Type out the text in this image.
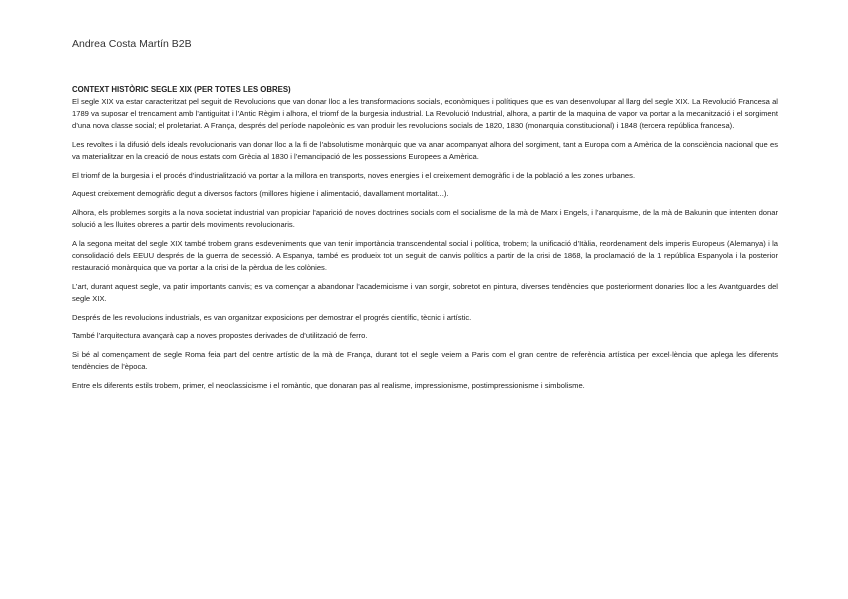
Andrea Costa Martín B2B

CONTEXT HISTÒRIC SEGLE XIX (PER TOTES LES OBRES)

El segle XIX va estar caracteritzat pel seguit de Revolucions que van donar lloc a les transformacions socials, econòmiques i polítiques que es van desenvolupar al llarg del segle XIX. La Revolució Francesa al 1789 va suposar el trencament amb l’antiguitat i l’Antic Règim i alhora, el triomf de la burgesia industrial. La Revolució Industrial, alhora, a partir de la maquina de vapor va portar a la mecanització i el sorgiment d’una nova classe social; el proletariat. A França, després del període napoleònic es van produir les revolucions socials de 1820, 1830 (monarquia constitucional) i 1848 (tercera república francesa).

Les revoltes i la difusió dels ideals revolucionaris van donar lloc a la fi de l’absolutisme monàrquic que va anar acompanyat alhora del sorgiment, tant a Europa com a Amèrica de la consciència nacional que es va materialitzar en la creació de nous estats com Grècia al 1830 i l’emancipació de les possessions Europees a Amèrica.

El triomf de la burgesia i el procés d’industrialització va portar a la millora en transports, noves energies i el creixement demogràfic i de la població a les zones urbanes.

Aquest creixement demogràfic degut a diversos factors (millores higiene i alimentació, davallament mortalitat...).

Alhora, els problemes sorgits a la nova societat industrial van propiciar l’aparició de noves doctrines socials com el socialisme de la mà de Marx i Engels, i l’anarquisme, de la mà de Bakunin que intenten donar solució a les lluites obreres a partir dels moviments revolucionaris.

A la segona meitat del segle XIX també trobem grans esdeveniments que van tenir importància transcendental social i política, trobem; la unificació d’Itàlia, reordenament dels imperis Europeus (Alemanya) i la consolidació dels EEUU després de la guerra de secessió. A Espanya, també es produeix tot un seguit de canvis polítics a partir de la crisi de 1868, la proclamació de la 1 república Espanyola i la posterior restauració monàrquica que va portar a la crisi de la pèrdua de les colònies.

L’art, durant aquest segle, va patir importants canvis; es va començar a abandonar l’academicisme i van sorgir, sobretot en pintura, diverses tendències que posteriorment donaries lloc a les Avantguardes del segle XIX.

Després de les revolucions industrials, es van organitzar exposicions per demostrar el progrés científic, tècnic i artístic.

També l’arquitectura avançarà cap a noves propostes derivades de d’utilització de ferro.

Si bé al començament de segle Roma feia part del centre artístic de la mà de França, durant tot el segle veiem a Paris com el gran centre de referència artística per excel·lència que aplega les diferents tendències de l’època.

Entre els diferents estils trobem, primer, el neoclassicisme i el romàntic, que donaran pas al realisme, impressionisme, postimpressionisme i simbolisme.
